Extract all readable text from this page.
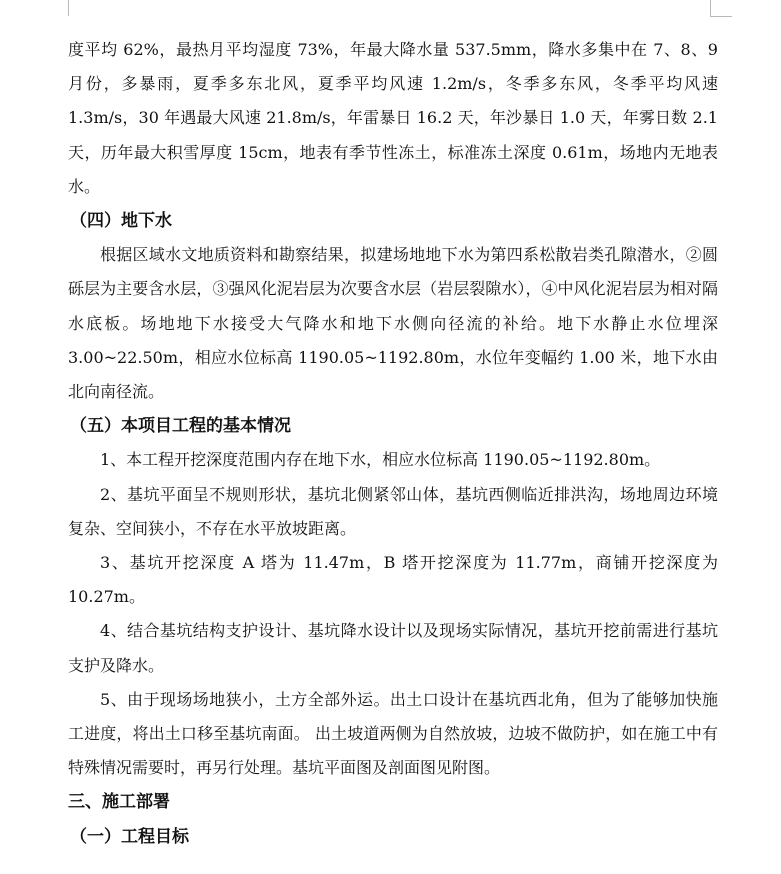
度平均 62%，最热月平均湿度 73%，年最大降水量 537.5mm，降水多集中在 7、8、9 月份，多暴雨，夏季多东北风，夏季平均风速 1.2m/s，冬季多东风，冬季平均风速 1.3m/s，30 年遇最大风速 21.8m/s，年雷暴日 16.2 天，年沙暴日 1.0 天，年雾日数 2.1 天，历年最大积雪厚度 15cm，地表有季节性冻土，标准冻土深度 0.61m，场地内无地表水。

（四）地下水

根据区域水文地质资料和勘察结果，拟建场地地下水为第四系松散岩类孔隙潜水，②圆砾层为主要含水层，③强风化泥岩层为次要含水层（岩层裂隙水），④中风化泥岩层为相对隔水底板。场地地下水接受大气降水和地下水侧向径流的补给。地下水静止水位埋深 3.00~22.50m，相应水位标高 1190.05~1192.80m，水位年变幅约 1.00 米，地下水由北向南径流。

（五）本项目工程的基本情况

1、本工程开挖深度范围内存在地下水，相应水位标高 1190.05~1192.80m。

2、基坑平面呈不规则形状，基坑北侧紧邻山体，基坑西侧临近排洪沟，场地周边环境复杂、空间狭小，不存在水平放坡距离。

3、基坑开挖深度 A 塔为 11.47m，B 塔开挖深度为 11.77m，商铺开挖深度为 10.27m。

4、结合基坑结构支护设计、基坑降水设计以及现场实际情况，基坑开挖前需进行基坑支护及降水。

5、由于现场场地狭小，土方全部外运。出土口设计在基坑西北角，但为了能够加快施工进度，将出土口移至基坑南面。 出土坡道两侧为自然放坡，边坡不做防护，如在施工中有特殊情况需要时，再另行处理。基坑平面图及剖面图见附图。

三、施工部署

（一）工程目标
